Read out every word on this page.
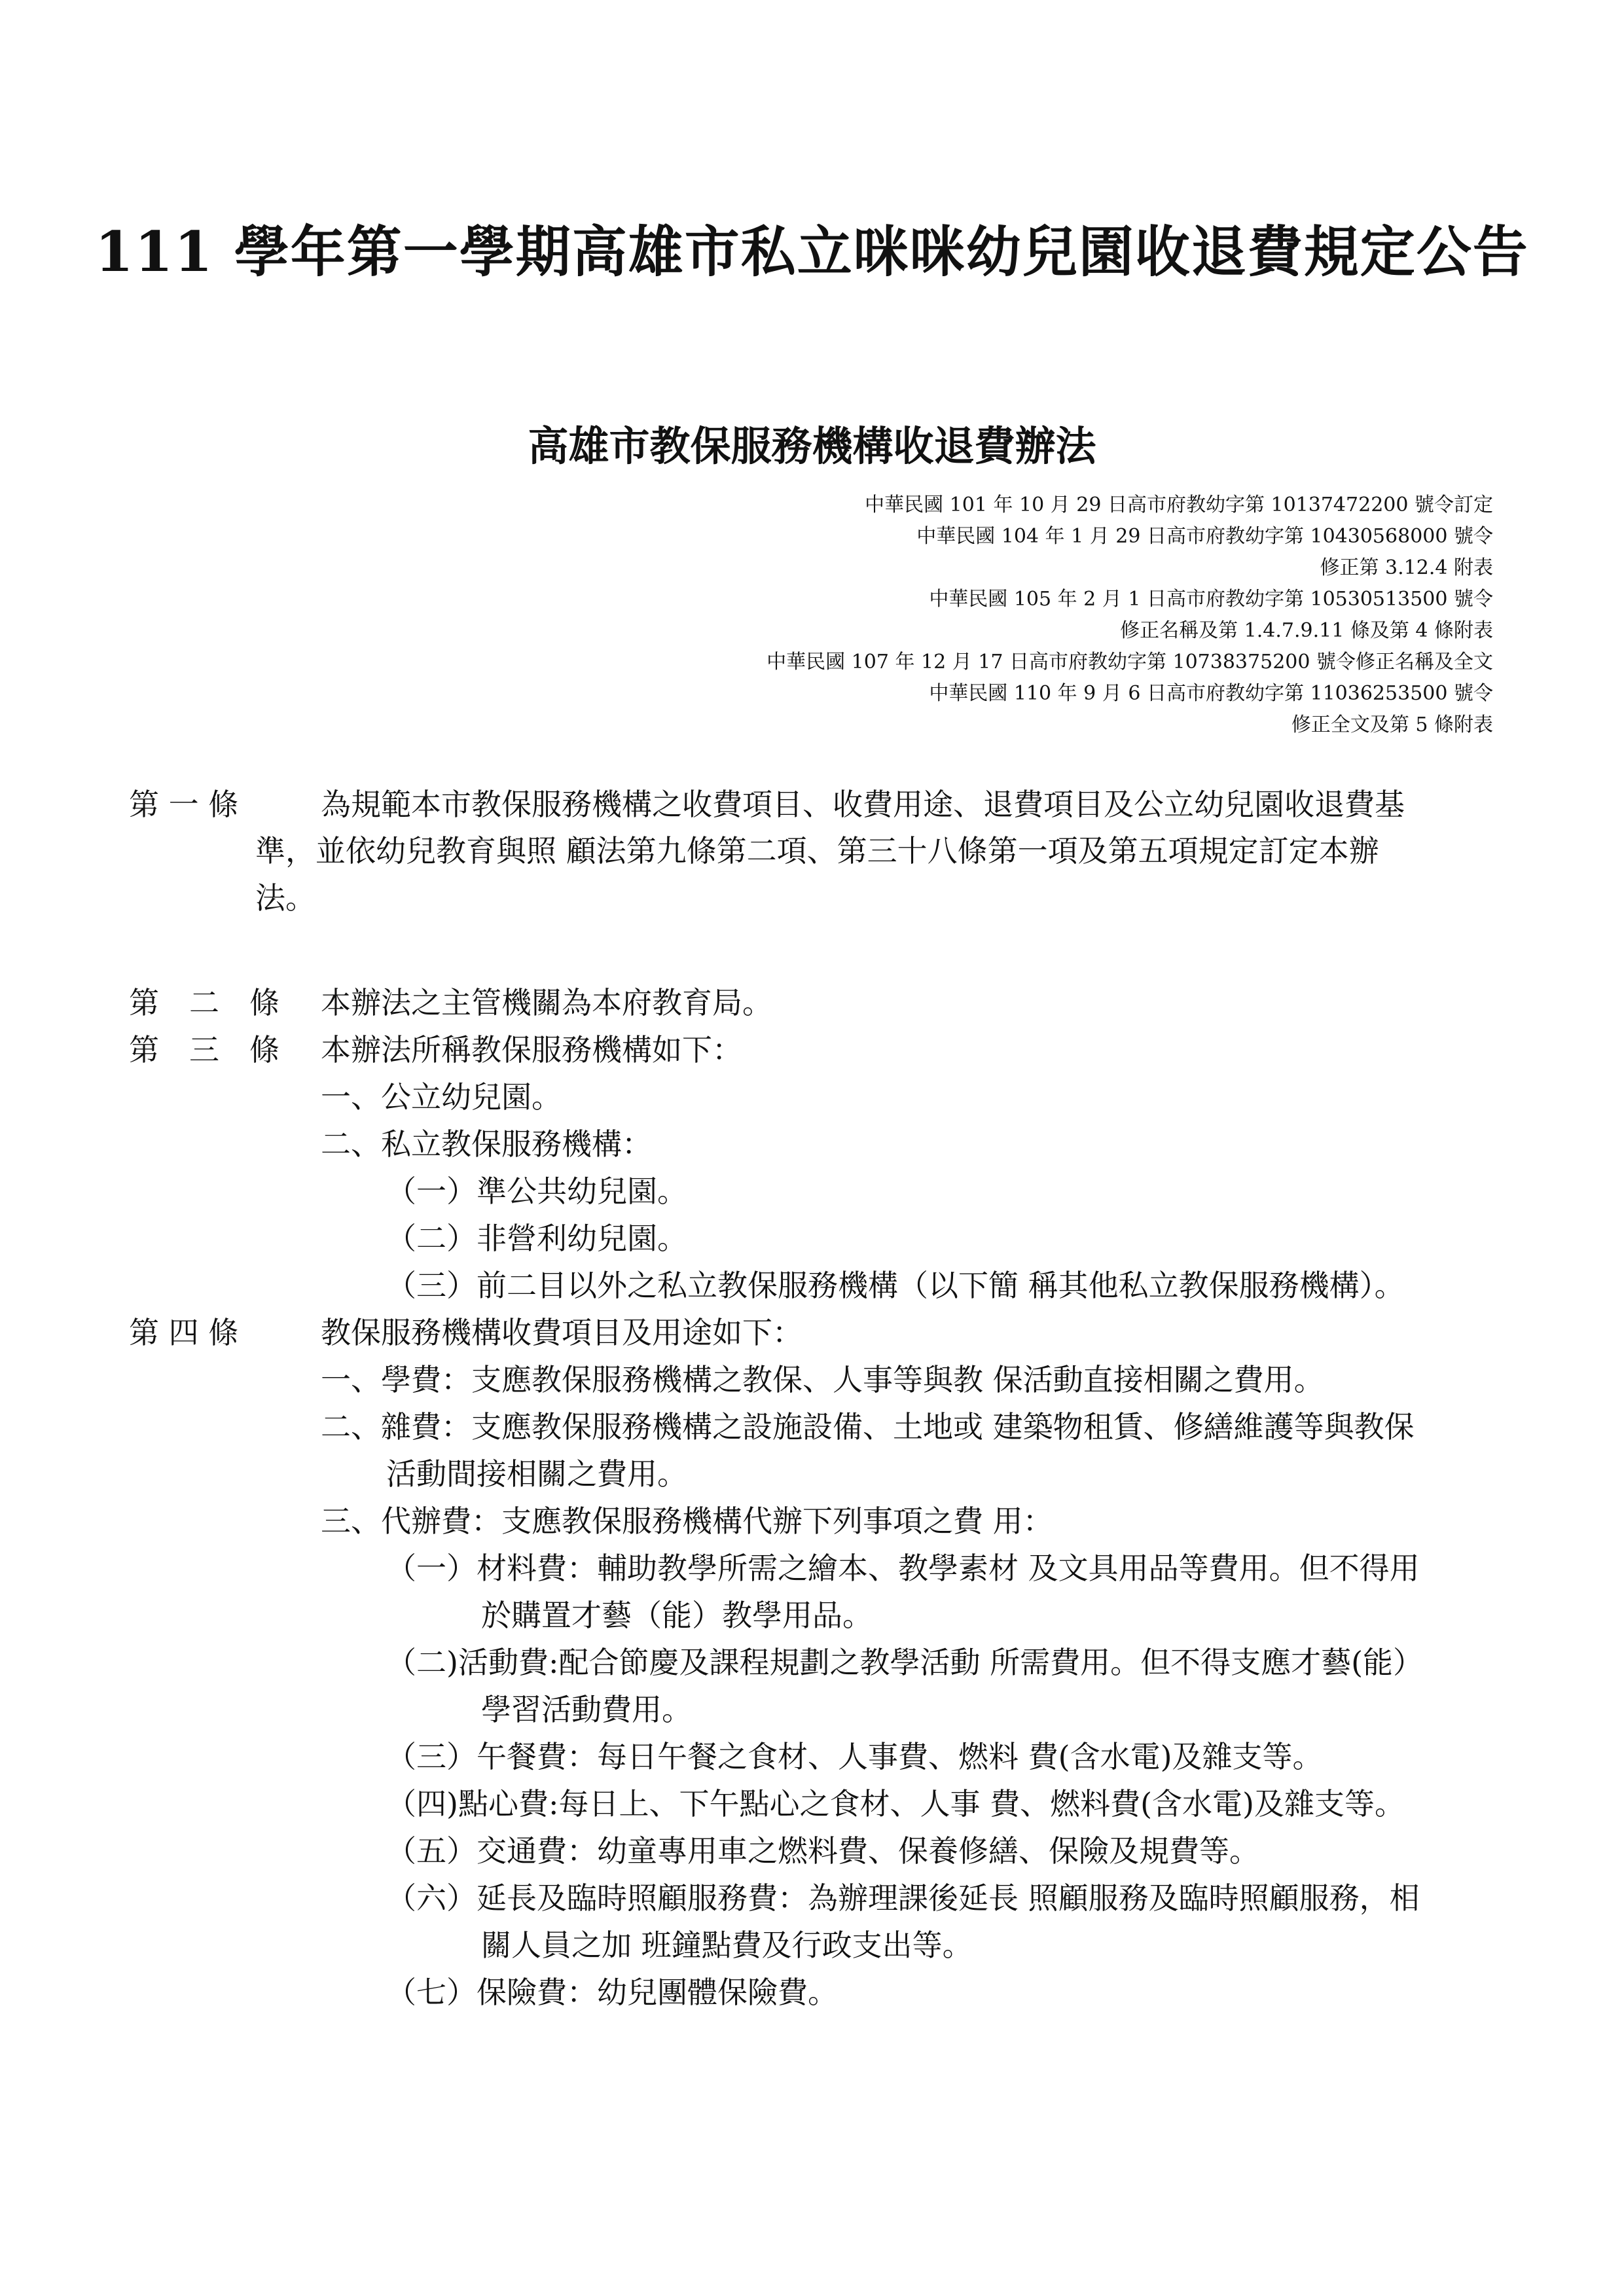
111 學年第一學期高雄市私立咪咪幼兒園收退費規定公告
高雄市教保服務機構收退費辦法
中華民國 101 年 10 月 29 日高市府教幼字第 10137472200 號令訂定
中華民國 104 年 1 月 29 日高市府教幼字第 10430568000 號令
修正第 3.12.4 附表
中華民國 105 年 2 月 1 日高市府教幼字第 10530513500 號令
修正名稱及第 1.4.7.9.11 條及第 4 條附表
中華民國 107 年 12 月 17 日高市府教幼字第 10738375200 號令修正名稱及全文
中華民國 110 年 9 月 6 日高市府教幼字第 11036253500 號令
修正全文及第 5 條附表
第 一 條	為規範本市教保服務機構之收費項目、收費用途、退費項目及公立幼兒園收退費基
準，並依幼兒教育與照 顧法第九條第二項、第三十八條第一項及第五項規定訂定本辦
法。
第　二　條 本辦法之主管機關為本府教育局。
第　三　條 本辦法所稱教保服務機構如下：
一、公立幼兒園。
二、私立教保服務機構：
（一）準公共幼兒園。
（二）非營利幼兒園。
（三）前二目以外之私立教保服務機構（以下簡 稱其他私立教保服務機構）。
第 四 條	教保服務機構收費項目及用途如下：
一、學費：支應教保服務機構之教保、人事等與教 保活動直接相關之費用。
二、雜費：支應教保服務機構之設施設備、土地或 建築物租賃、修繕維護等與教保
活動間接相關之費用。
三、代辦費：支應教保服務機構代辦下列事項之費 用：
（一）材料費：輔助教學所需之繪本、教學素材 及文具用品等費用。但不得用
於購置才藝（能）教學用品。
（二)活動費:配合節慶及課程規劃之教學活動 所需費用。但不得支應才藝(能）
學習活動費用。
（三）午餐費：每日午餐之食材、人事費、燃料 費(含水電)及雜支等。
（四)點心費:每日上、下午點心之食材、人事 費、燃料費(含水電)及雜支等。
（五）交通費：幼童專用車之燃料費、保養修繕、保險及規費等。
（六）延長及臨時照顧服務費：為辦理課後延長 照顧服務及臨時照顧服務，相
關人員之加 班鐘點費及行政支出等。
（七）保險費：幼兒團體保險費。
